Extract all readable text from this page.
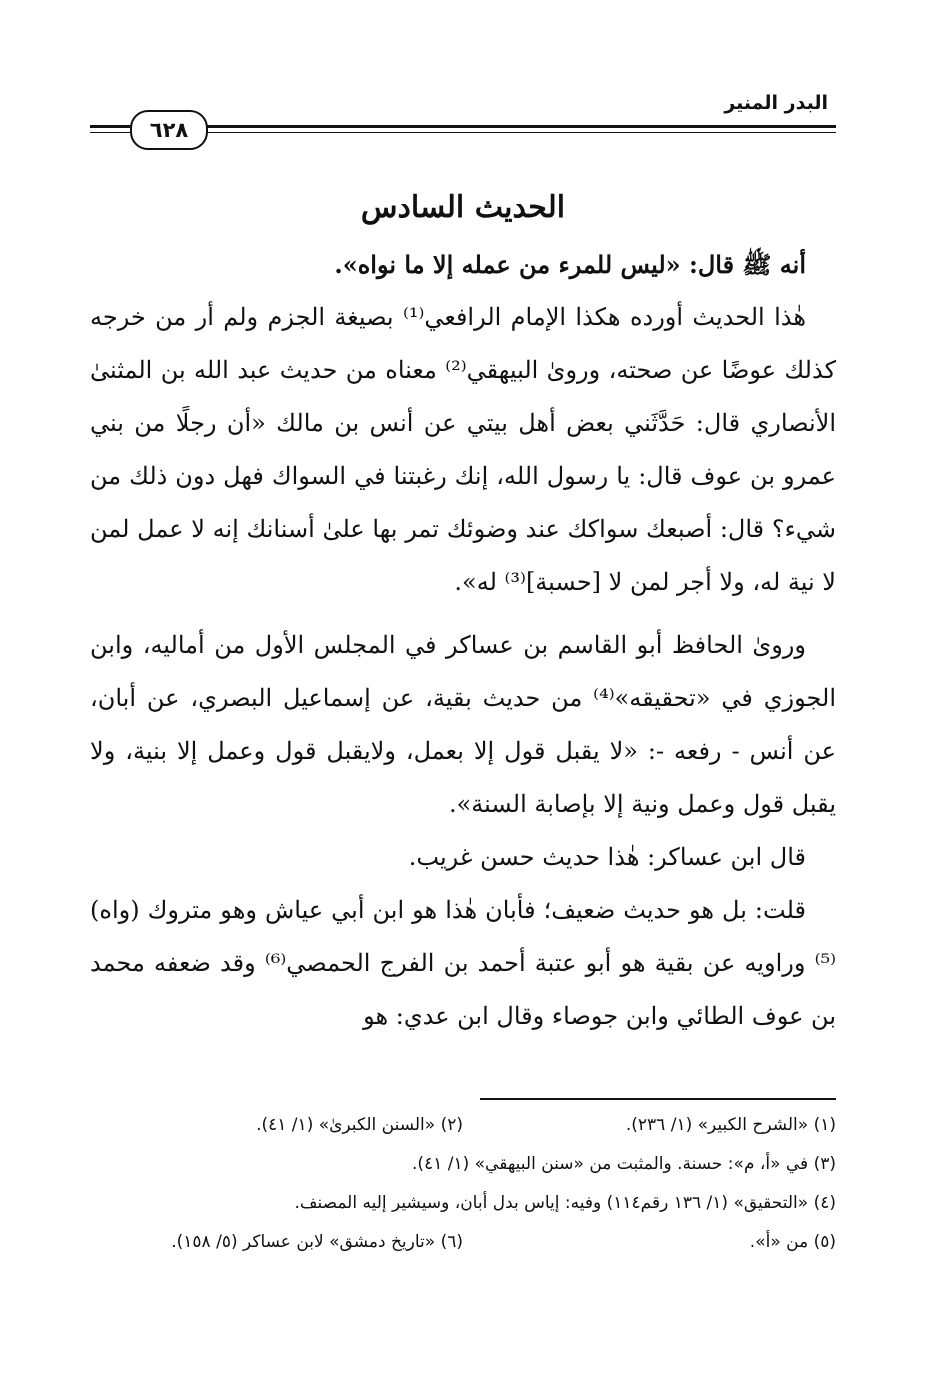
البدر المنير
٦٢٨

الحديث السادس

أنه ﷺ قال: «ليس للمرء من عمله إلا ما نواه».

هٰذا الحديث أورده هكذا الإمام الرافعي⁽¹⁾ بصيغة الجزم ولم أر من خرجه كذلك عوضًا عن صحته، وروىٰ البيهقي⁽²⁾ معناه من حديث عبد الله بن المثنىٰ الأنصاري قال: حَدَّثَني بعض أهل بيتي عن أنس بن مالك «أن رجلًا من بني عمرو بن عوف قال: يا رسول الله، إنك رغبتنا في السواك فهل دون ذلك من شيء؟ قال: أصبعك سواكك عند وضوئك تمر بها علىٰ أسنانك إنه لا عمل لمن لا نية له، ولا أجر لمن لا [حسبة]⁽³⁾ له».

وروىٰ الحافظ أبو القاسم بن عساكر في المجلس الأول من أماليه، وابن الجوزي في «تحقيقه»⁽⁴⁾ من حديث بقية، عن إسماعيل البصري، عن أبان، عن أنس - رفعه -: «لا يقبل قول إلا بعمل، ولايقبل قول وعمل إلا بنية، ولا يقبل قول وعمل ونية إلا بإصابة السنة».

قال ابن عساكر: هٰذا حديث حسن غريب.

قلت: بل هو حديث ضعيف؛ فأبان هٰذا هو ابن أبي عياش وهو متروك (واه)⁽⁵⁾ وراويه عن بقية هو أبو عتبة أحمد بن الفرج الحمصي⁽⁶⁾ وقد ضعفه محمد بن عوف الطائي وابن جوصاء وقال ابن عدي: هو

(١) «الشرح الكبير» (١/ ٢٣٦).
(٢) «السنن الكبرىٰ» (١/ ٤١).
(٣) في «أ، م»: حسنة. والمثبت من «سنن البيهقي» (١/ ٤١).
(٤) «التحقيق» (١/ ١٣٦ رقم١١٤) وفيه: إياس بدل أبان، وسيشير إليه المصنف.
(٥) من «أ».
(٦) «تاريخ دمشق» لابن عساكر (٥/ ١٥٨).
